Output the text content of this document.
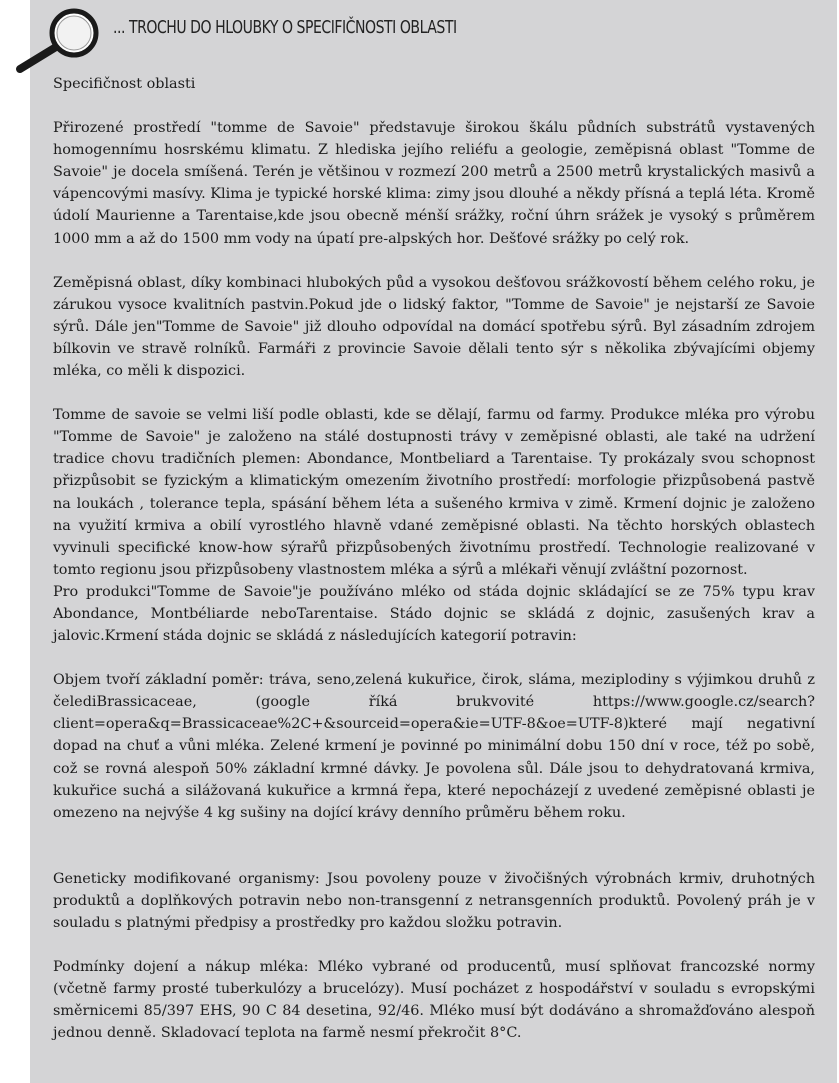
... TROCHU DO HLOUBKY O SPECIFIČNOSTI OBLASTI

Specifičnost oblasti

Přirozené prostředí "tomme de Savoie" představuje širokou škálu půdních substrátů vystavených homogennímu hosrskému klimatu. Z hlediska jejího reliéfu a geologie, zeměpisná oblast "Tomme de Savoie" je docela smíšená. Terén je většinou v rozmezí 200 metrů a 2500 metrů krystalických masivů a vápencovými masívy. Klima je typické horské klima: zimy jsou dlouhé a někdy přísná a teplá léta. Kromě údolí Maurienne a Tarentaise,kde jsou obecně ménší srážky, roční úhrn srážek je vysoký s průměrem 1000 mm a až do 1500 mm vody na úpatí pre-alpských hor. Dešťové srážky po celý rok.

Zeměpisná oblast, díky kombinaci hlubokých půd a vysokou dešťovou srážkovostí během celého roku, je zárukou vysoce kvalitních pastvin.Pokud jde o lidský faktor, "Tomme de Savoie" je nejstarší ze Savoie sýrů. Dále jen"Tomme de Savoie" již dlouho odpovídal na domácí spotřebu sýrů. Byl zásadním zdrojem bílkovin ve stravě rolníků. Farmáři z provincie Savoie dělali tento sýr s několika zbývajícími objemy mléka, co měli k dispozici.

Tomme de savoie se velmi liší podle oblasti, kde se dělají, farmu od farmy. Produkce mléka pro výrobu "Tomme de Savoie" je založeno na stálé dostupnosti trávy v zeměpisné oblasti, ale také na udržení tradice chovu tradičních plemen: Abondance, Montbeliard a Tarentaise. Ty prokázaly svou schopnost přizpůsobit se fyzickým a klimatickým omezením životního prostředí: morfologie přizpůsobená pastvě na loukách , tolerance tepla, spásání během léta a sušeného krmiva v zimě. Krmení dojnic je založeno na využití krmiva a obilí vyrostlého hlavně vdané zeměpisné oblasti. Na těchto horských oblastech vyvinuli specifické know-how sýrařů přizpůsobených životnímu prostředí. Technologie realizované v tomto regionu jsou přizpůsobeny vlastnostem mléka a sýrů a mlékaři věnují zvláštní pozornost.

Pro produkci"Tomme de Savoie"je používáno mléko od stáda dojnic skládající se ze 75% typu krav Abondance, Montbéliarde neboTarentaise. Stádo dojnic se skládá z dojnic, zasušených krav a jalovic.Krmení stáda dojnic se skládá z následujících kategorií potravin:

Objem tvoří základní poměr: tráva, seno,zelená kukuřice, čirok, sláma, meziplodiny s výjimkou druhů z čelediBrassicaceae, (google říká brukvovité https://www.google.cz/search?client=opera&q=Brassicaceae%2C+&sourceid=opera&ie=UTF-8&oe=UTF-8)které mají negativní dopad na chuť a vůni mléka. Zelené krmení je povinné po minimální dobu 150 dní v roce, též po sobě, což se rovná alespoň 50% základní krmné dávky. Je povolena sůl. Dále jsou to dehydratovaná krmiva, kukuřice suchá a silážovaná kukuřice a krmná řepa, které nepocházejí z uvedené zeměpisné oblasti je omezeno na nejvýše 4 kg sušiny na dojící krávy denního průměru během roku.

Geneticky modifikované organismy: Jsou povoleny pouze v živočišných výrobnách krmiv, druhotných produktů a doplňkových potravin nebo non-transgenní z netransgenních produktů. Povolený práh je v souladu s platnými předpisy a prostředky pro každou složku potravin.

Podmínky dojení a nákup mléka: Mléko vybrané od producentů, musí splňovat francozské normy (včetně farmy prosté tuberkulózy a brucelózy). Musí pocházet z hospodářství v souladu s evropskými směrnicemi 85/397 EHS, 90 C 84 desetina, 92/46. Mléko musí být dodáváno a shromažďováno alespoň jednou denně. Skladovací teplota na farmě nesmí překročit 8°C.
